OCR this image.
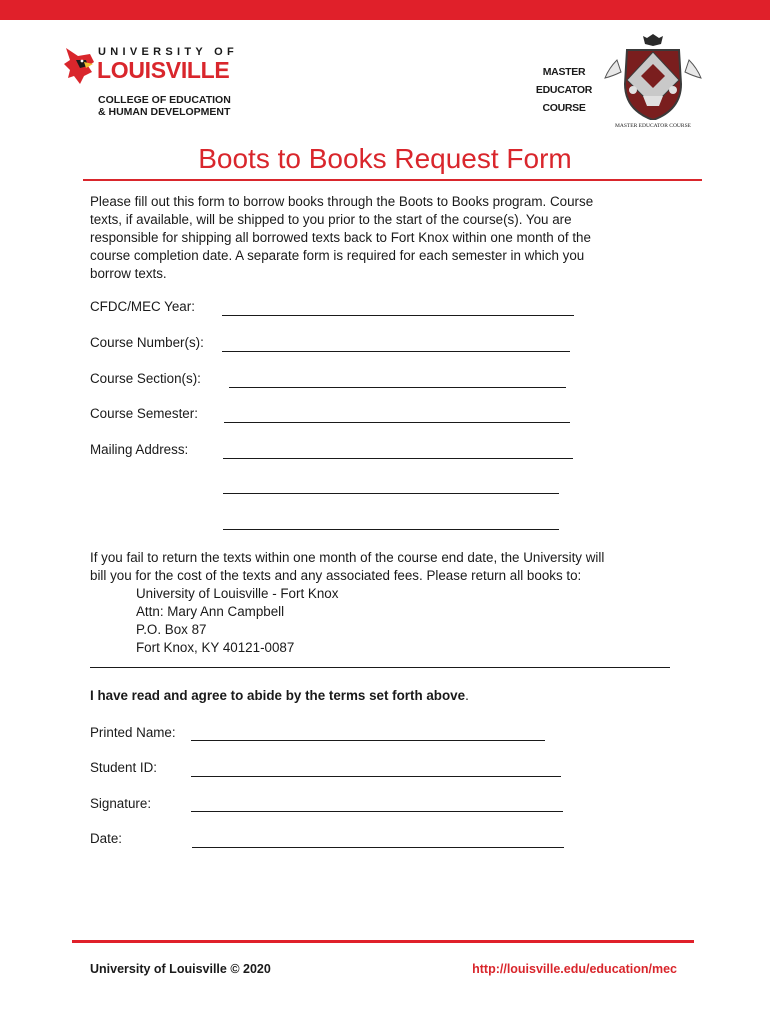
UNIVERSITY OF
LOUISVILLE
COLLEGE OF EDUCATION
& HUMAN DEVELOPMENT
MASTER
EDUCATOR
COURSE
MASTER EDUCATOR COURSE
Boots to Books Request Form
Please fill out this form to borrow books through the Boots to Books program. Course
texts, if available, will be shipped to you prior to the start of the course(s). You are
responsible for shipping all borrowed texts back to Fort Knox within one month of the
course completion date. A separate form is required for each semester in which you
borrow texts.
CFDC/MEC Year:
Course Number(s):
Course Section(s):
Course Semester:
Mailing Address:
If you fail to return the texts within one month of the course end date, the University will
bill you for the cost of the texts and any associated fees. Please return all books to:
University of Louisville - Fort Knox
Attn: Mary Ann Campbell
P.O. Box 87
Fort Knox, KY 40121-0087
I have read and agree to abide by the terms set forth above.
Printed Name:
Student ID:
Signature:
Date:
University of Louisville © 2020	http://louisville.edu/education/mec
